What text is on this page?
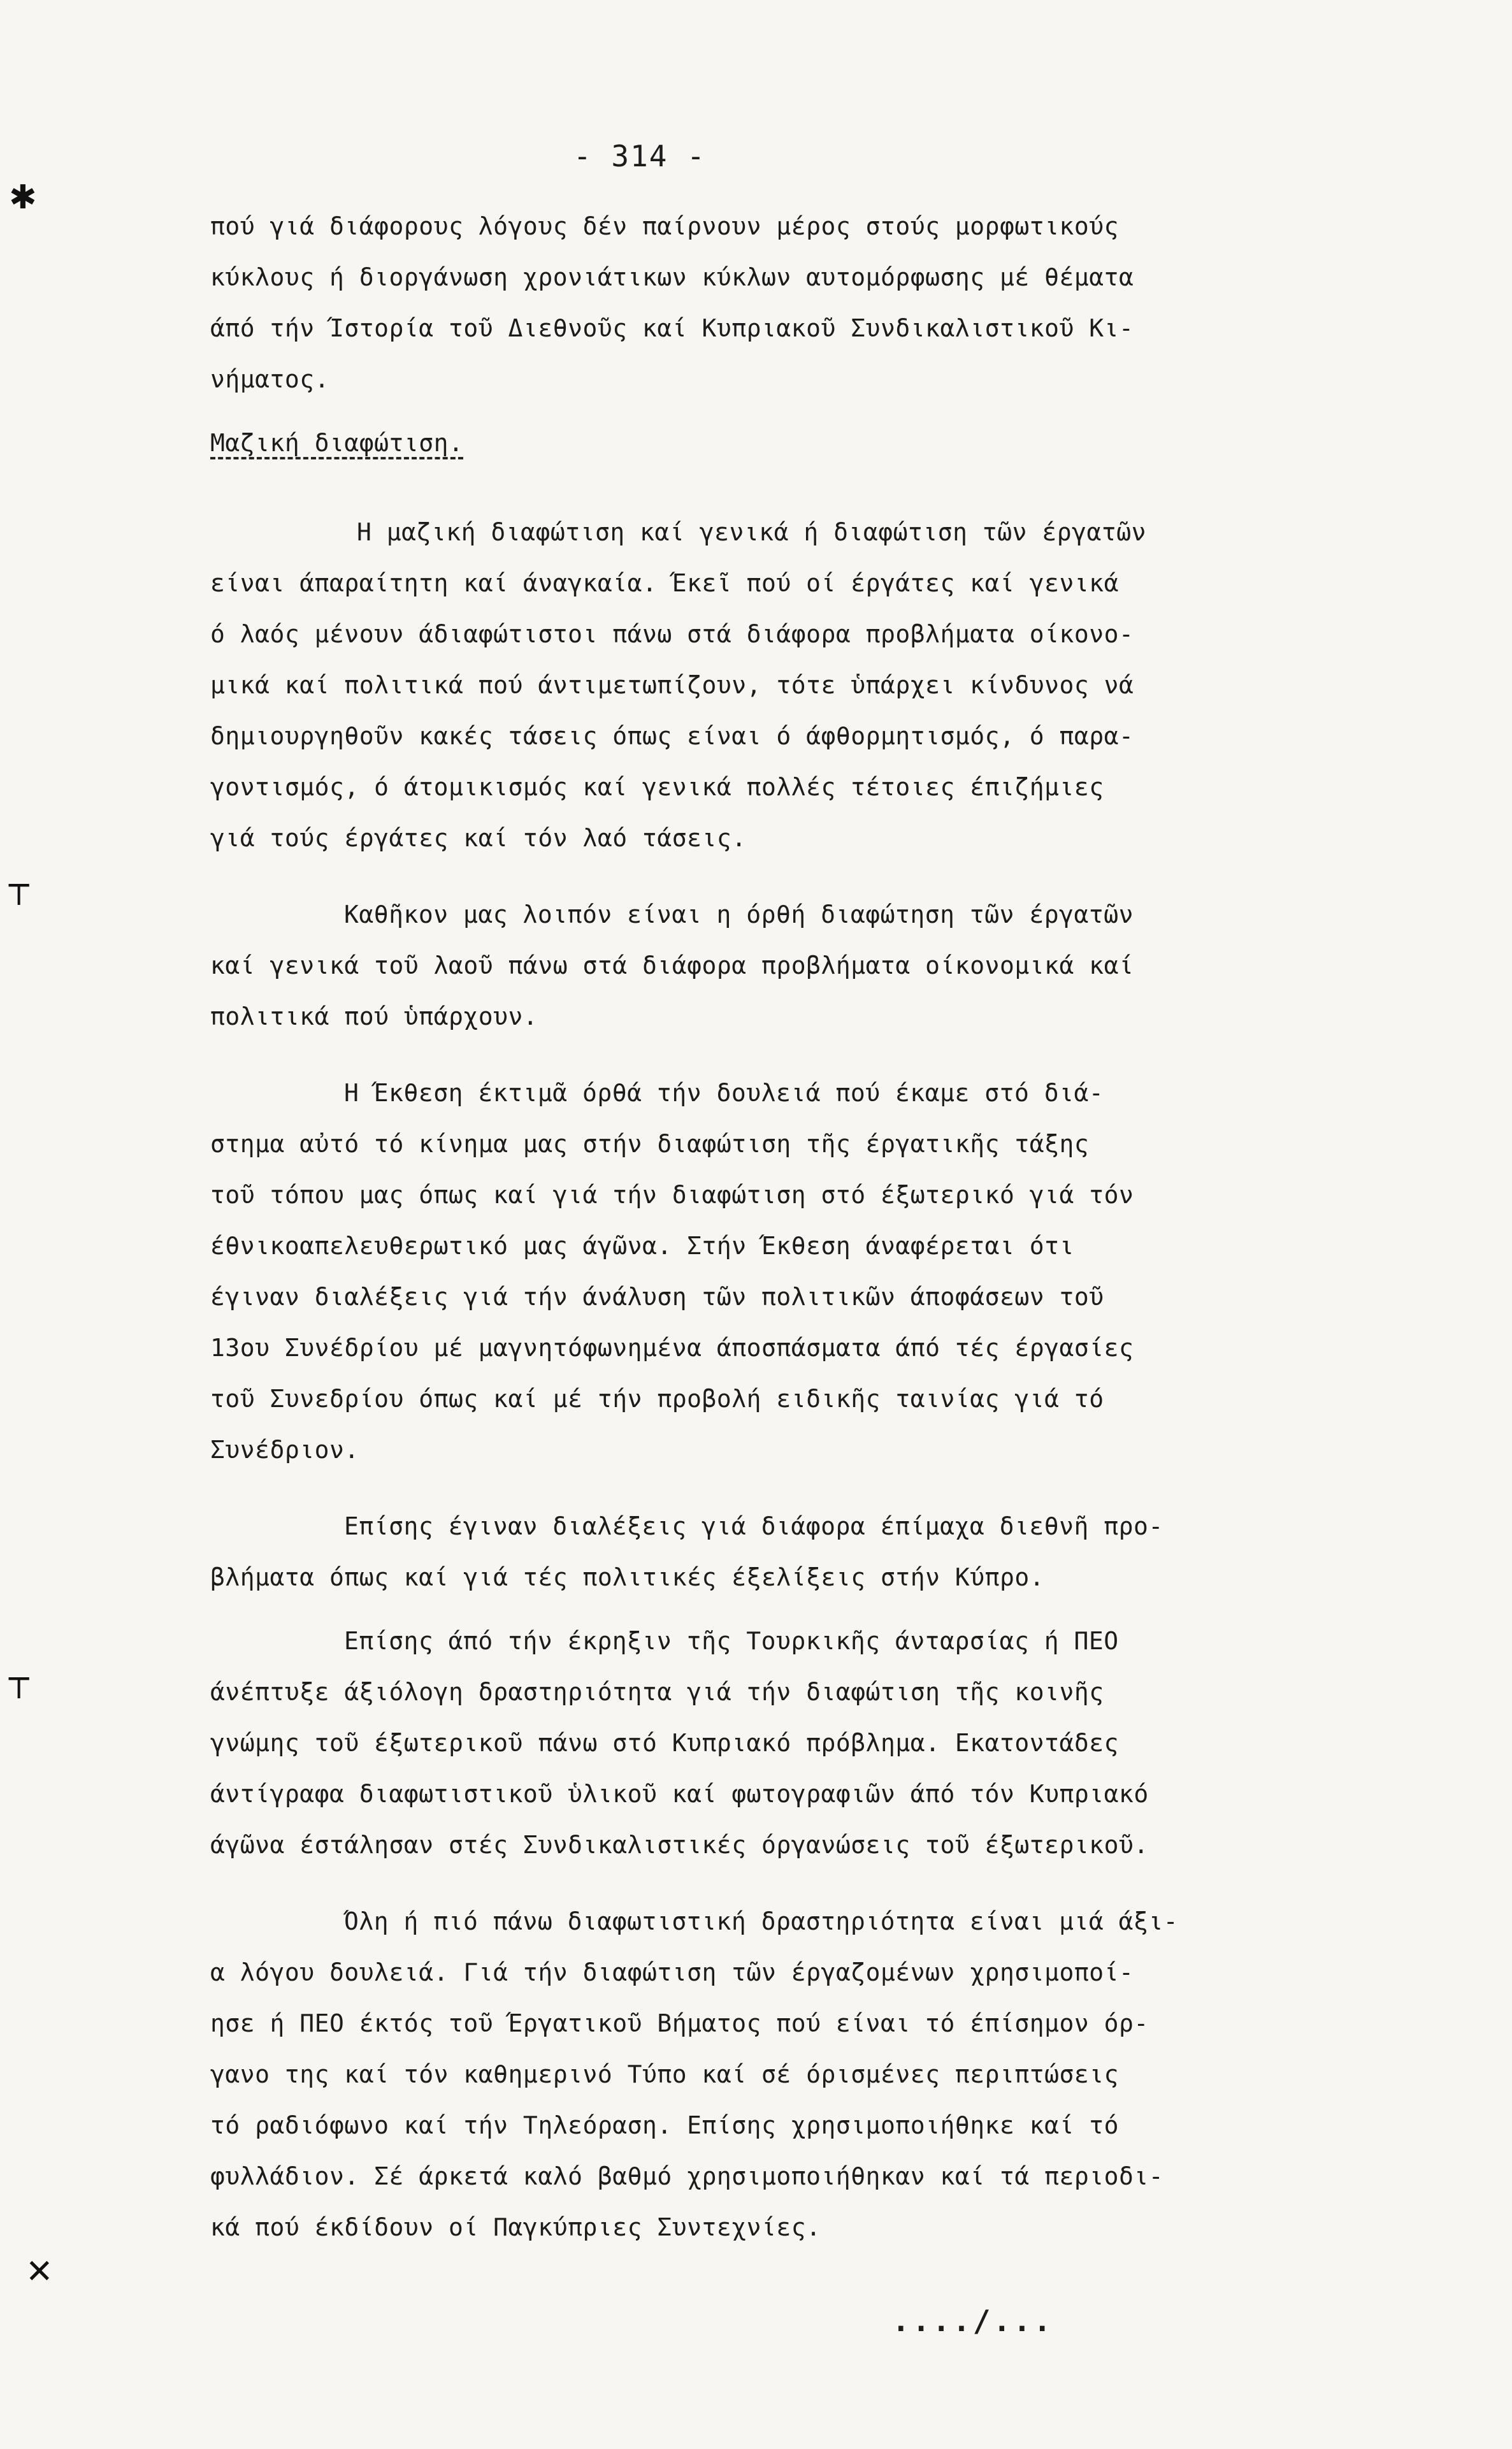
- 314 -
✱
┬
┬
✕
πού γιά διάφορους λόγους δέν παίρνουν μέρος στούς μορφωτικούς
κύκλους ή διοργάνωση χρονιάτικων κύκλων αυτομόρφωσης μέ θέματα
άπό τήν Ίστορία τοῦ Διεθνοῦς καί Κυπριακοῦ Συνδικαλιστικοῦ Κι-
νήματος.
Μαζική διαφώτιση.
Η μαζική διαφώτιση καί γενικά ή διαφώτιση τῶν έργατῶν
είναι άπαραίτητη καί άναγκαία. Έκεῖ πού οί έργάτες καί γενικά
ό λαός μένουν άδιαφώτιστοι πάνω στά διάφορα προβλήματα οίκονο-
μικά καί πολιτικά πού άντιμετωπίζουν, τότε ὑπάρχει κίνδυνος νά
δημιουργηθοῦν κακές τάσεις όπως είναι ό άφθορμητισμός, ό παρα-
γοντισμός, ό άτομικισμός καί γενικά πολλές τέτοιες έπιζήμιες
γιά τούς έργάτες καί τόν λαό τάσεις.
Καθῆκον μας λοιπόν είναι η όρθή διαφώτηση τῶν έργατῶν
καί γενικά τοῦ λαοῦ πάνω στά διάφορα προβλήματα οίκονομικά καί
πολιτικά πού ὑπάρχουν.
Η Έκθεση έκτιμᾶ όρθά τήν δουλειά πού έκαμε στό διά-
στημα αὐτό τό κίνημα μας στήν διαφώτιση τῆς έργατικῆς τάξης
τοῦ τόπου μας όπως καί γιά τήν διαφώτιση στό έξωτερικό γιά τόν
έθνικοαπελευθερωτικό μας άγῶνα. Στήν Έκθεση άναφέρεται ότι
έγιναν διαλέξεις γιά τήν άνάλυση τῶν πολιτικῶν άποφάσεων τοῦ
13ου Συνέδρίου μέ μαγνητόφωνημένα άποσπάσματα άπό τές έργασίες
τοῦ Συνεδρίου όπως καί μέ τήν προβολή ειδικῆς ταινίας γιά τό
Συνέδριον.
Επίσης έγιναν διαλέξεις γιά διάφορα έπίμαχα διεθνῆ προ-
βλήματα όπως καί γιά τές πολιτικές έξελίξεις στήν Κύπρο.
Επίσης άπό τήν έκρηξιν τῆς Τουρκικῆς άνταρσίας ή ΠΕΟ
άνέπτυξε άξιόλογη δραστηριότητα γιά τήν διαφώτιση τῆς κοινῆς
γνώμης τοῦ έξωτερικοῦ πάνω στό Κυπριακό πρόβλημα. Εκατοντάδες
άντίγραφα διαφωτιστικοῦ ὑλικοῦ καί φωτογραφιῶν άπό τόν Κυπριακό
άγῶνα έστάλησαν στές Συνδικαλιστικές όργανώσεις τοῦ έξωτερικοῦ.
Όλη ή πιό πάνω διαφωτιστική δραστηριότητα είναι μιά άξι-
α λόγου δουλειά. Γιά τήν διαφώτιση τῶν έργαζομένων χρησιμοποί-
ησε ή ΠΕΟ έκτός τοῦ Έργατικοῦ Βήματος πού είναι τό έπίσημον όρ-
γανο της καί τόν καθημερινό Τύπο καί σέ όρισμένες περιπτώσεις
τό ραδιόφωνο καί τήν Τηλεόραση. Επίσης χρησιμοποιήθηκε καί τό
φυλλάδιον. Σέ άρκετά καλό βαθμό χρησιμοποιήθηκαν καί τά περιοδι-
κά πού έκδίδουν οί Παγκύπριες Συντεχνίες.
..../...
